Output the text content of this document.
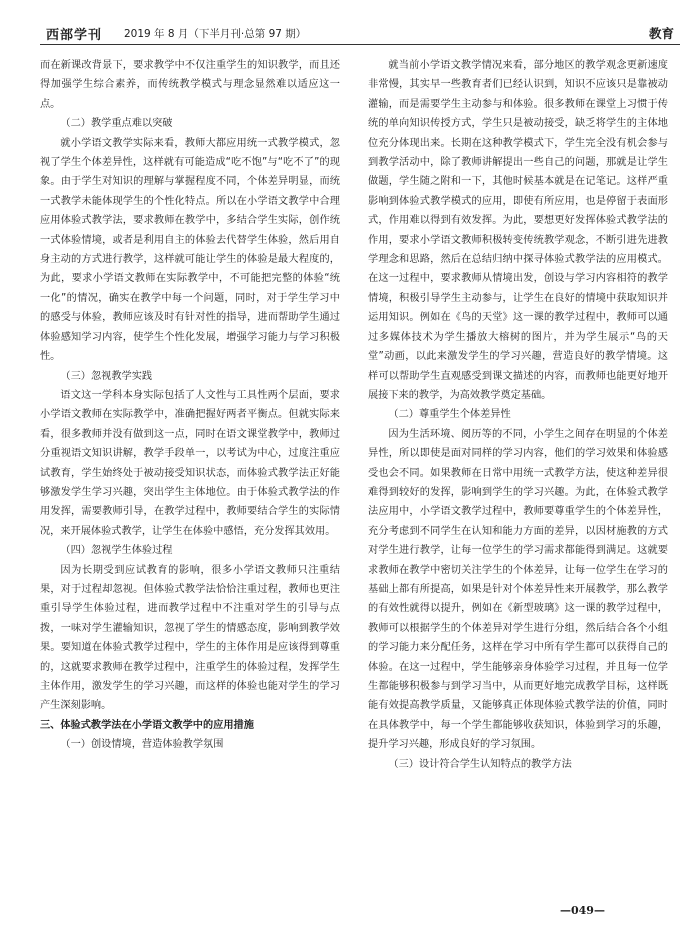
西部学刊 2019 年 8 月（下半月刊·总第 97 期）	教育

而在新课改背景下，要求教学中不仅注重学生的知识教学，而且还得加强学生综合素养，而传统教学模式与理念显然难以适应这一点。

（二）教学重点难以突破

就小学语文教学实际来看，教师大都应用统一式教学模式，忽视了学生个体差异性，这样就有可能造成“吃不饱”与“吃不了”的现象。由于学生对知识的理解与掌握程度不同，个体差异明显，而统一式教学未能体现学生的个性化特点。所以在小学语文教学中合理应用体验式教学法，要求教师在教学中，多结合学生实际，创作统一式体验情境，或者是利用自主的体验去代替学生体验，然后用自身主动的方式进行教学，这样就可能让学生的体验是最大程度的，为此，要求小学语文教师在实际教学中，不可能把完整的体验“统一化”的情况，确实在教学中每一个问题，同时，对于学生学习中的感受与体验，教师应该及时有针对性的指导，进而帮助学生通过体验感知学习内容，使学生个性化发展，增强学习能力与学习积极性。

（三）忽视教学实践

语文这一学科本身实际包括了人文性与工具性两个层面，要求小学语文教师在实际教学中，准确把握好两者平衡点。但就实际来看，很多教师并没有做到这一点，同时在语文课堂教学中，教师过分重视语文知识讲解，教学手段单一，以考试为中心，过度注重应试教育，学生始终处于被动接受知识状态，而体验式教学法正好能够激发学生学习兴趣，突出学生主体地位。由于体验式教学法的作用发挥，需要教师引导，在教学过程中，教师要结合学生的实际情况，来开展体验式教学，让学生在体验中感悟，充分发挥其效用。

（四）忽视学生体验过程

因为长期受到应试教育的影响，很多小学语文教师只注重结果，对于过程却忽视。但体验式教学法恰恰注重过程，教师也更注重引导学生体验过程，进而教学过程中不注重对学生的引导与点拨，一味对学生灌输知识，忽视了学生的情感态度，影响到教学效果。要知道在体验式教学过程中，学生的主体作用是应该得到尊重的，这就要求教师在教学过程中，注重学生的体验过程，发挥学生主体作用，激发学生的学习兴趣，而这样的体验也能对学生的学习产生深刻影响。

三、体验式教学法在小学语文教学中的应用措施

（一）创设情境，营造体验教学氛围

就当前小学语文教学情况来看，部分地区的教学观念更新速度非常慢，其实早一些教育者们已经认识到，知识不应该只是靠被动灌输，而是需要学生主动参与和体验。很多教师在课堂上习惯于传统的单向知识传授方式，学生只是被动接受，缺乏将学生的主体地位充分体现出来。长期在这种教学模式下，学生完全没有机会参与到教学活动中，除了教师讲解提出一些自己的问题，那就是让学生做题，学生随之附和一下，其他时候基本就是在记笔记。这样严重影响到体验式教学模式的应用，即使有所应用，也是停留于表面形式，作用难以得到有效发挥。为此，要想更好发挥体验式教学法的作用，要求小学语文教师积极转变传统教学观念，不断引进先进教学理念和思路，然后在总结归纳中探寻体验式教学法的应用模式。在这一过程中，要求教师从情境出发，创设与学习内容相符的教学情境，积极引导学生主动参与，让学生在良好的情境中获取知识并运用知识。例如在《鸟的天堂》这一课的教学过程中，教师可以通过多媒体技术为学生播放大榕树的图片，并为学生展示“鸟的天堂”动画，以此来激发学生的学习兴趣，营造良好的教学情境。这样可以帮助学生直观感受到课文描述的内容，而教师也能更好地开展接下来的教学，为高效教学奠定基础。

（二）尊重学生个体差异性

因为生活环境、阅历等的不同，小学生之间存在明显的个体差异性，所以即使是面对同样的学习内容，他们的学习效果和体验感受也会不同。如果教师在日常中用统一式教学方法，使这种差异很难得到较好的发挥，影响到学生的学习兴趣。为此，在体验式教学法应用中，小学语文教学过程中，教师要尊重学生的个体差异性，充分考虑到不同学生在认知和能力方面的差异，以因材施教的方式对学生进行教学，让每一位学生的学习需求都能得到满足。这就要求教师在教学中密切关注学生的个体差异，让每一位学生在学习的基础上都有所提高，如果是针对个体差异性来开展教学，那么教学的有效性就得以提升，例如在《新型玻璃》这一课的教学过程中，教师可以根据学生的个体差异对学生进行分组，然后结合各个小组的学习能力来分配任务，这样在学习中所有学生都可以获得自己的体验。在这一过程中，学生能够亲身体验学习过程，并且每一位学生都能够积极参与到学习当中，从而更好地完成教学目标，这样既能有效提高教学质量，又能够真正体现体验式教学法的价值，同时在具体教学中，每一个学生都能够收获知识，体验到学习的乐趣，提升学习兴趣，形成良好的学习氛围。

（三）设计符合学生认知特点的教学方法

—049—
